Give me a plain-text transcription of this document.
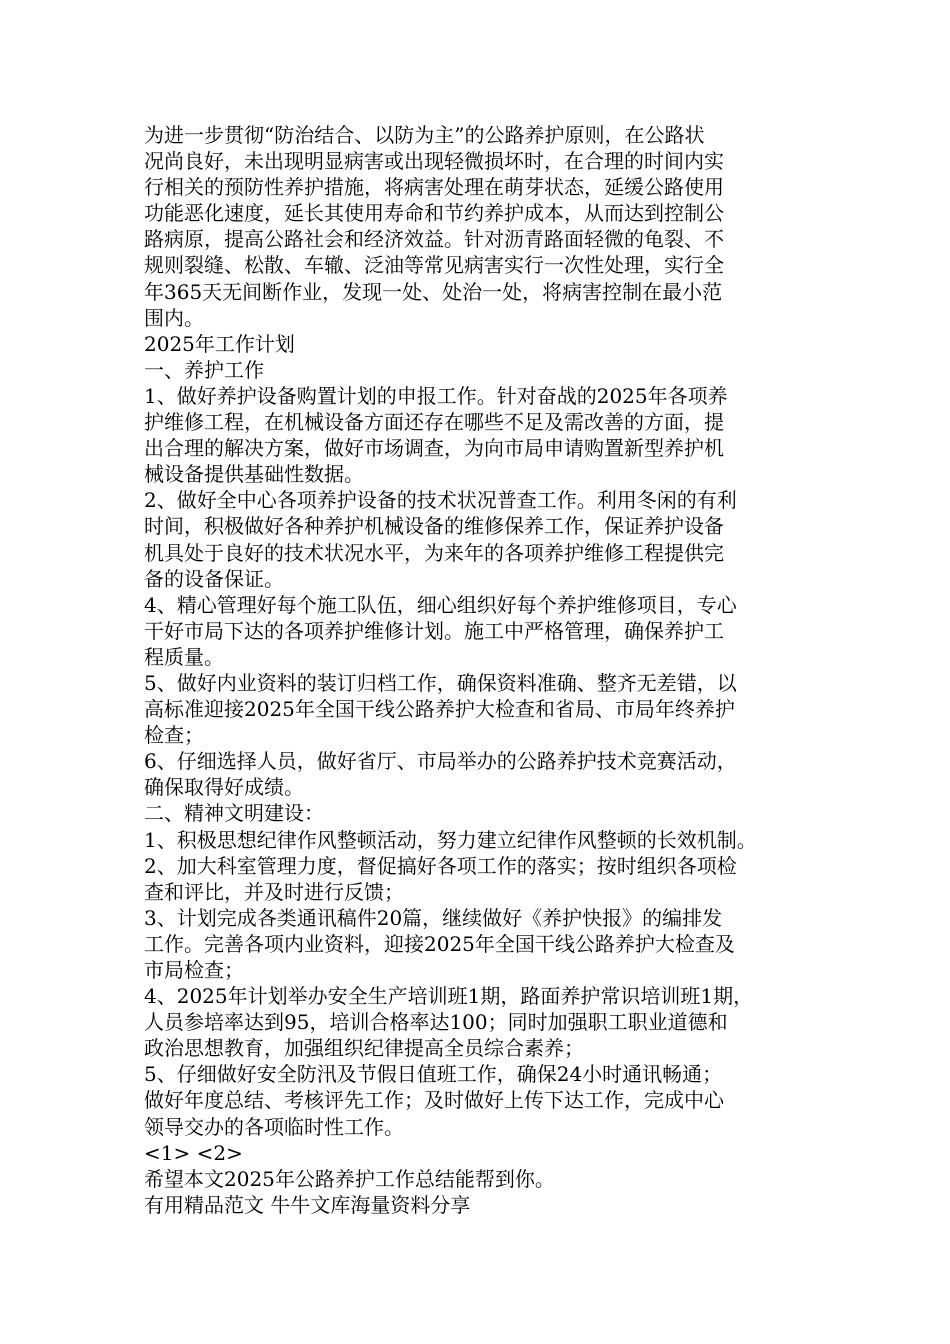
为进一步贯彻“防治结合、以防为主”的公路养护原则，在公路状
况尚良好，未出现明显病害或出现轻微损坏时，在合理的时间内实
行相关的预防性养护措施，将病害处理在萌芽状态，延缓公路使用
功能恶化速度，延长其使用寿命和节约养护成本，从而达到控制公
路病原，提高公路社会和经济效益。针对沥青路面轻微的龟裂、不
规则裂缝、松散、车辙、泛油等常见病害实行一次性处理，实行全
年365天无间断作业，发现一处、处治一处，将病害控制在最小范
围内。
2025年工作计划
一、养护工作
1、做好养护设备购置计划的申报工作。针对奋战的2025年各项养
护维修工程，在机械设备方面还存在哪些不足及需改善的方面，提
出合理的解决方案，做好市场调查，为向市局申请购置新型养护机
械设备提供基础性数据。
2、做好全中心各项养护设备的技术状况普查工作。利用冬闲的有利
时间，积极做好各种养护机械设备的维修保养工作，保证养护设备
机具处于良好的技术状况水平，为来年的各项养护维修工程提供完
备的设备保证。
4、精心管理好每个施工队伍，细心组织好每个养护维修项目，专心
干好市局下达的各项养护维修计划。施工中严格管理，确保养护工
程质量。
5、做好内业资料的装订归档工作，确保资料准确、整齐无差错，以
高标准迎接2025年全国干线公路养护大检查和省局、市局年终养护
检查；
6、仔细选择人员，做好省厅、市局举办的公路养护技术竞赛活动，
确保取得好成绩。
二、精神文明建设：
1、积极思想纪律作风整顿活动，努力建立纪律作风整顿的长效机制。
2、加大科室管理力度，督促搞好各项工作的落实；按时组织各项检
查和评比，并及时进行反馈；
3、计划完成各类通讯稿件20篇，继续做好《养护快报》的编排发
工作。完善各项内业资料，迎接2025年全国干线公路养护大检查及
市局检查；
4、2025年计划举办安全生产培训班1期，路面养护常识培训班1期，
人员参培率达到95，培训合格率达100；同时加强职工职业道德和
政治思想教育，加强组织纪律提高全员综合素养；
5、仔细做好安全防汛及节假日值班工作，确保24小时通讯畅通；
做好年度总结、考核评先工作；及时做好上传下达工作，完成中心
领导交办的各项临时性工作。
<1> <2>
希望本文2025年公路养护工作总结能帮到你。
有用精品范文 牛牛文库海量资料分享
